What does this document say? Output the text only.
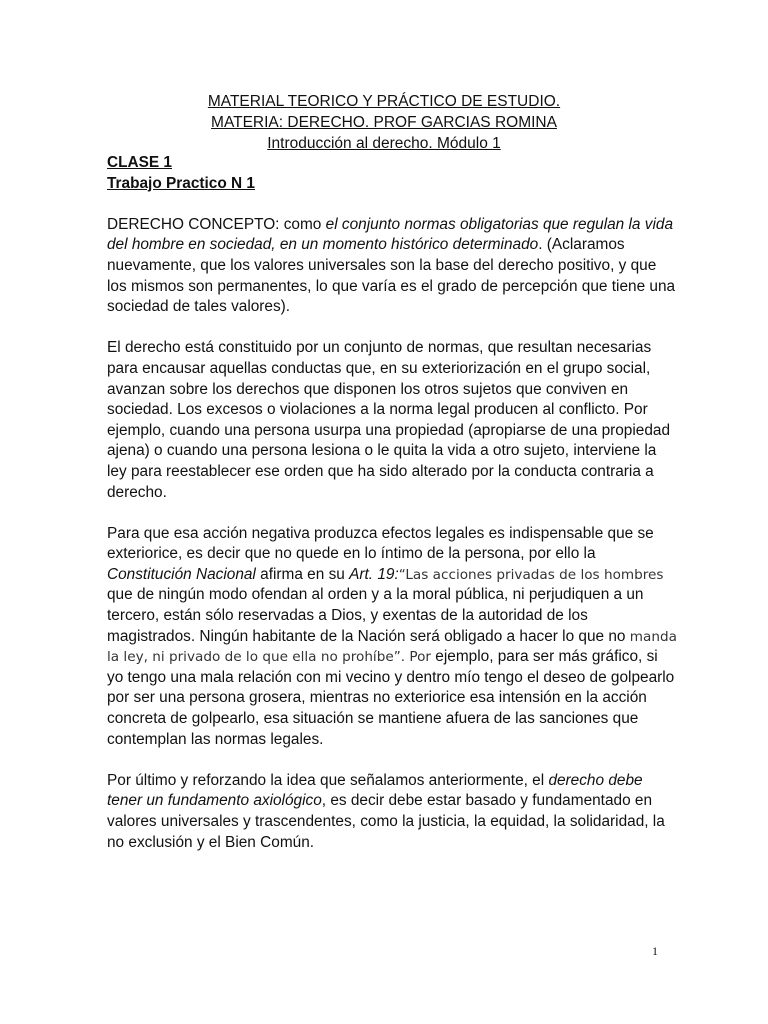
MATERIAL TEORICO Y PRÁCTICO DE ESTUDIO.
MATERIA: DERECHO. PROF GARCIAS ROMINA
Introducción al derecho. Módulo 1
CLASE 1
Trabajo Practico N 1

DERECHO CONCEPTO: como el conjunto normas obligatorias que regulan la vida del hombre en sociedad, en un momento histórico determinado. (Aclaramos nuevamente, que los valores universales son la base del derecho positivo, y que los mismos son permanentes, lo que varía es el grado de percepción que tiene una sociedad de tales valores).

El derecho está constituido por un conjunto de normas, que resultan necesarias para encausar aquellas conductas que, en su exteriorización en el grupo social, avanzan sobre los derechos que disponen los otros sujetos que conviven en sociedad. Los excesos o violaciones a la norma legal producen al conflicto. Por ejemplo, cuando una persona usurpa una propiedad (apropiarse de una propiedad ajena) o cuando una persona lesiona o le quita la vida a otro sujeto, interviene la ley para reestablecer ese orden que ha sido alterado por la conducta contraria a derecho.

Para que esa acción negativa produzca efectos legales es indispensable que se exteriorice, es decir que no quede en lo íntimo de la persona, por ello la Constitución Nacional afirma en su Art. 19:“Las acciones privadas de los hombres que de ningún modo ofendan al orden y a la moral pública, ni perjudiquen a un tercero, están sólo reservadas a Dios, y exentas de la autoridad de los magistrados. Ningún habitante de la Nación será obligado a hacer lo que no manda la ley, ni privado de lo que ella no prohíbe”. Por ejemplo, para ser más gráfico, si yo tengo una mala relación con mi vecino y dentro mío tengo el deseo de golpearlo por ser una persona grosera, mientras no exteriorice esa intensión en la acción concreta de golpearlo, esa situación se mantiene afuera de las sanciones que contemplan las normas legales.

Por último y reforzando la idea que señalamos anteriormente, el derecho debe tener un fundamento axiológico, es decir debe estar basado y fundamentado en valores universales y trascendentes, como la justicia, la equidad, la solidaridad, la no exclusión y el Bien Común.

1
